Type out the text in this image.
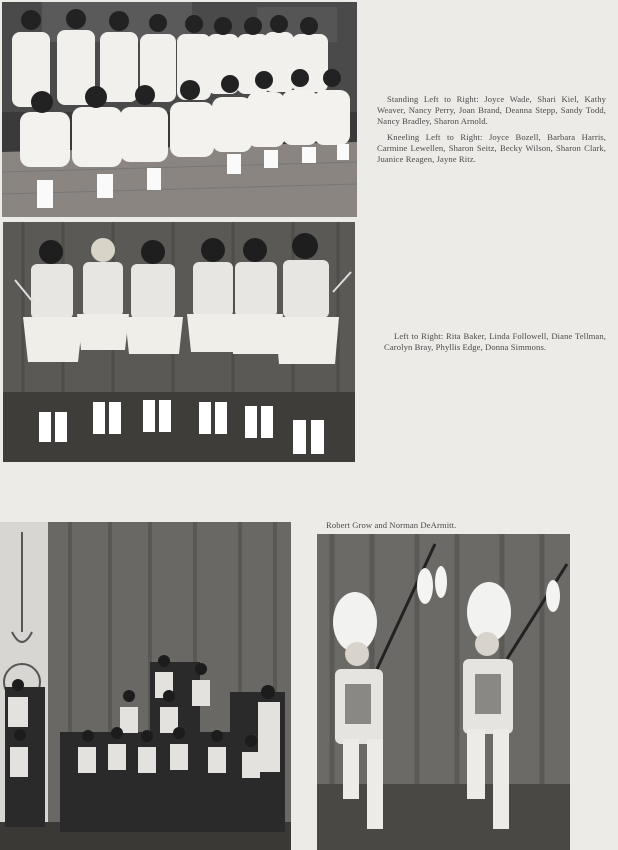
Standing Left to Right: Joyce Wade, Shari Kiel, Kathy Weaver, Nancy Perry, Joan Brand, Deanna Stepp, Sandy Todd, Nancy Bradley, Sharon Arnold.

Kneeling Left to Right: Joyce Bozell, Barbara Harris, Carmine Lewellen, Sharon Seitz, Becky Wilson, Sharon Clark, Juanice Reagen, Jayne Ritz.

Left to Right: Rita Baker, Linda Followell, Diane Tellman, Carolyn Bray, Phyllis Edge, Donna Simmons.

Robert Grow and Norman DeArmitt.
